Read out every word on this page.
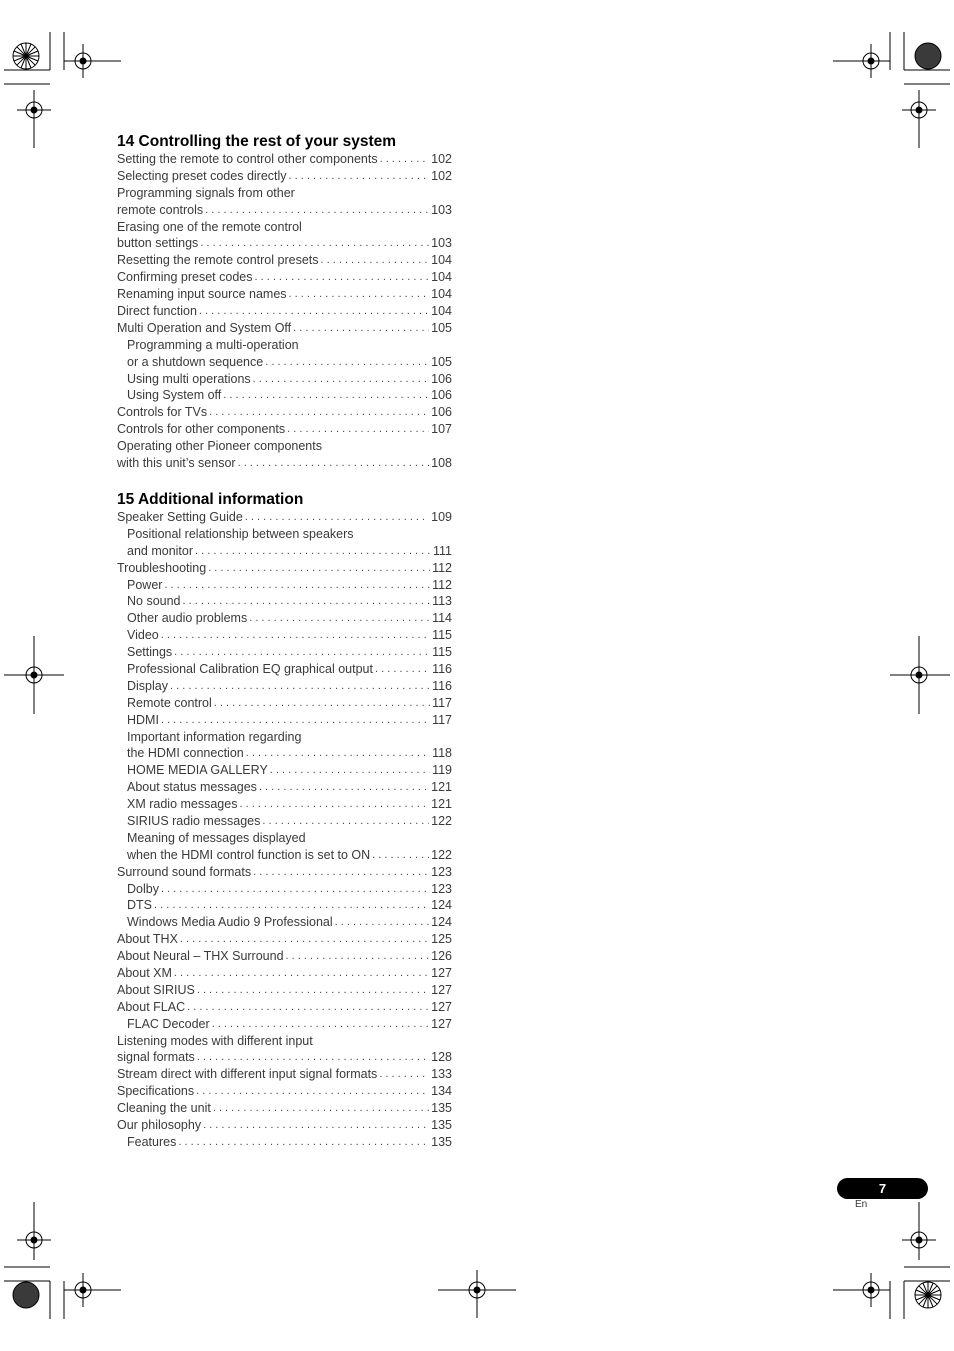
14 Controlling the rest of your system
Setting the remote to control other components . . .	102
Selecting preset codes directly . . .	102
Programming signals from other
remote controls . . .	103
Erasing one of the remote control
button settings . . .	103
Resetting the remote control presets . . .	104
Confirming preset codes . . .	104
Renaming input source names . . .	104
Direct function . . .	104
Multi Operation and System Off . . .	105
Programming a multi-operation
or a shutdown sequence . . .	105
Using multi operations . . .	106
Using System off . . .	106
Controls for TVs . . .	106
Controls for other components . . .	107
Operating other Pioneer components
with this unit’s sensor . . .	108
15 Additional information
Speaker Setting Guide . . .	109
Positional relationship between speakers
and monitor . . .	111
Troubleshooting . . .	112
Power . . .	112
No sound . . .	113
Other audio problems . . .	114
Video . . .	115
Settings . . .	115
Professional Calibration EQ graphical output . . .	116
Display . . .	116
Remote control . . .	117
HDMI . . .	117
Important information regarding
the HDMI connection . . .	118
HOME MEDIA GALLERY . . .	119
About status messages . . .	121
XM radio messages . . .	121
SIRIUS radio messages . . .	122
Meaning of messages displayed
when the HDMI control function is set to ON . . .	122
Surround sound formats . . .	123
Dolby . . .	123
DTS . . .	124
Windows Media Audio 9 Professional . . .	124
About THX . . .	125
About Neural – THX Surround . . .	126
About XM . . .	127
About SIRIUS . . .	127
About FLAC . . .	127
FLAC Decoder . . .	127
Listening modes with different input
signal formats . . .	128
Stream direct with different input signal formats . . .	133
Specifications . . .	134
Cleaning the unit . . .	135
Our philosophy . . .	135
Features . . .	135
7
En
